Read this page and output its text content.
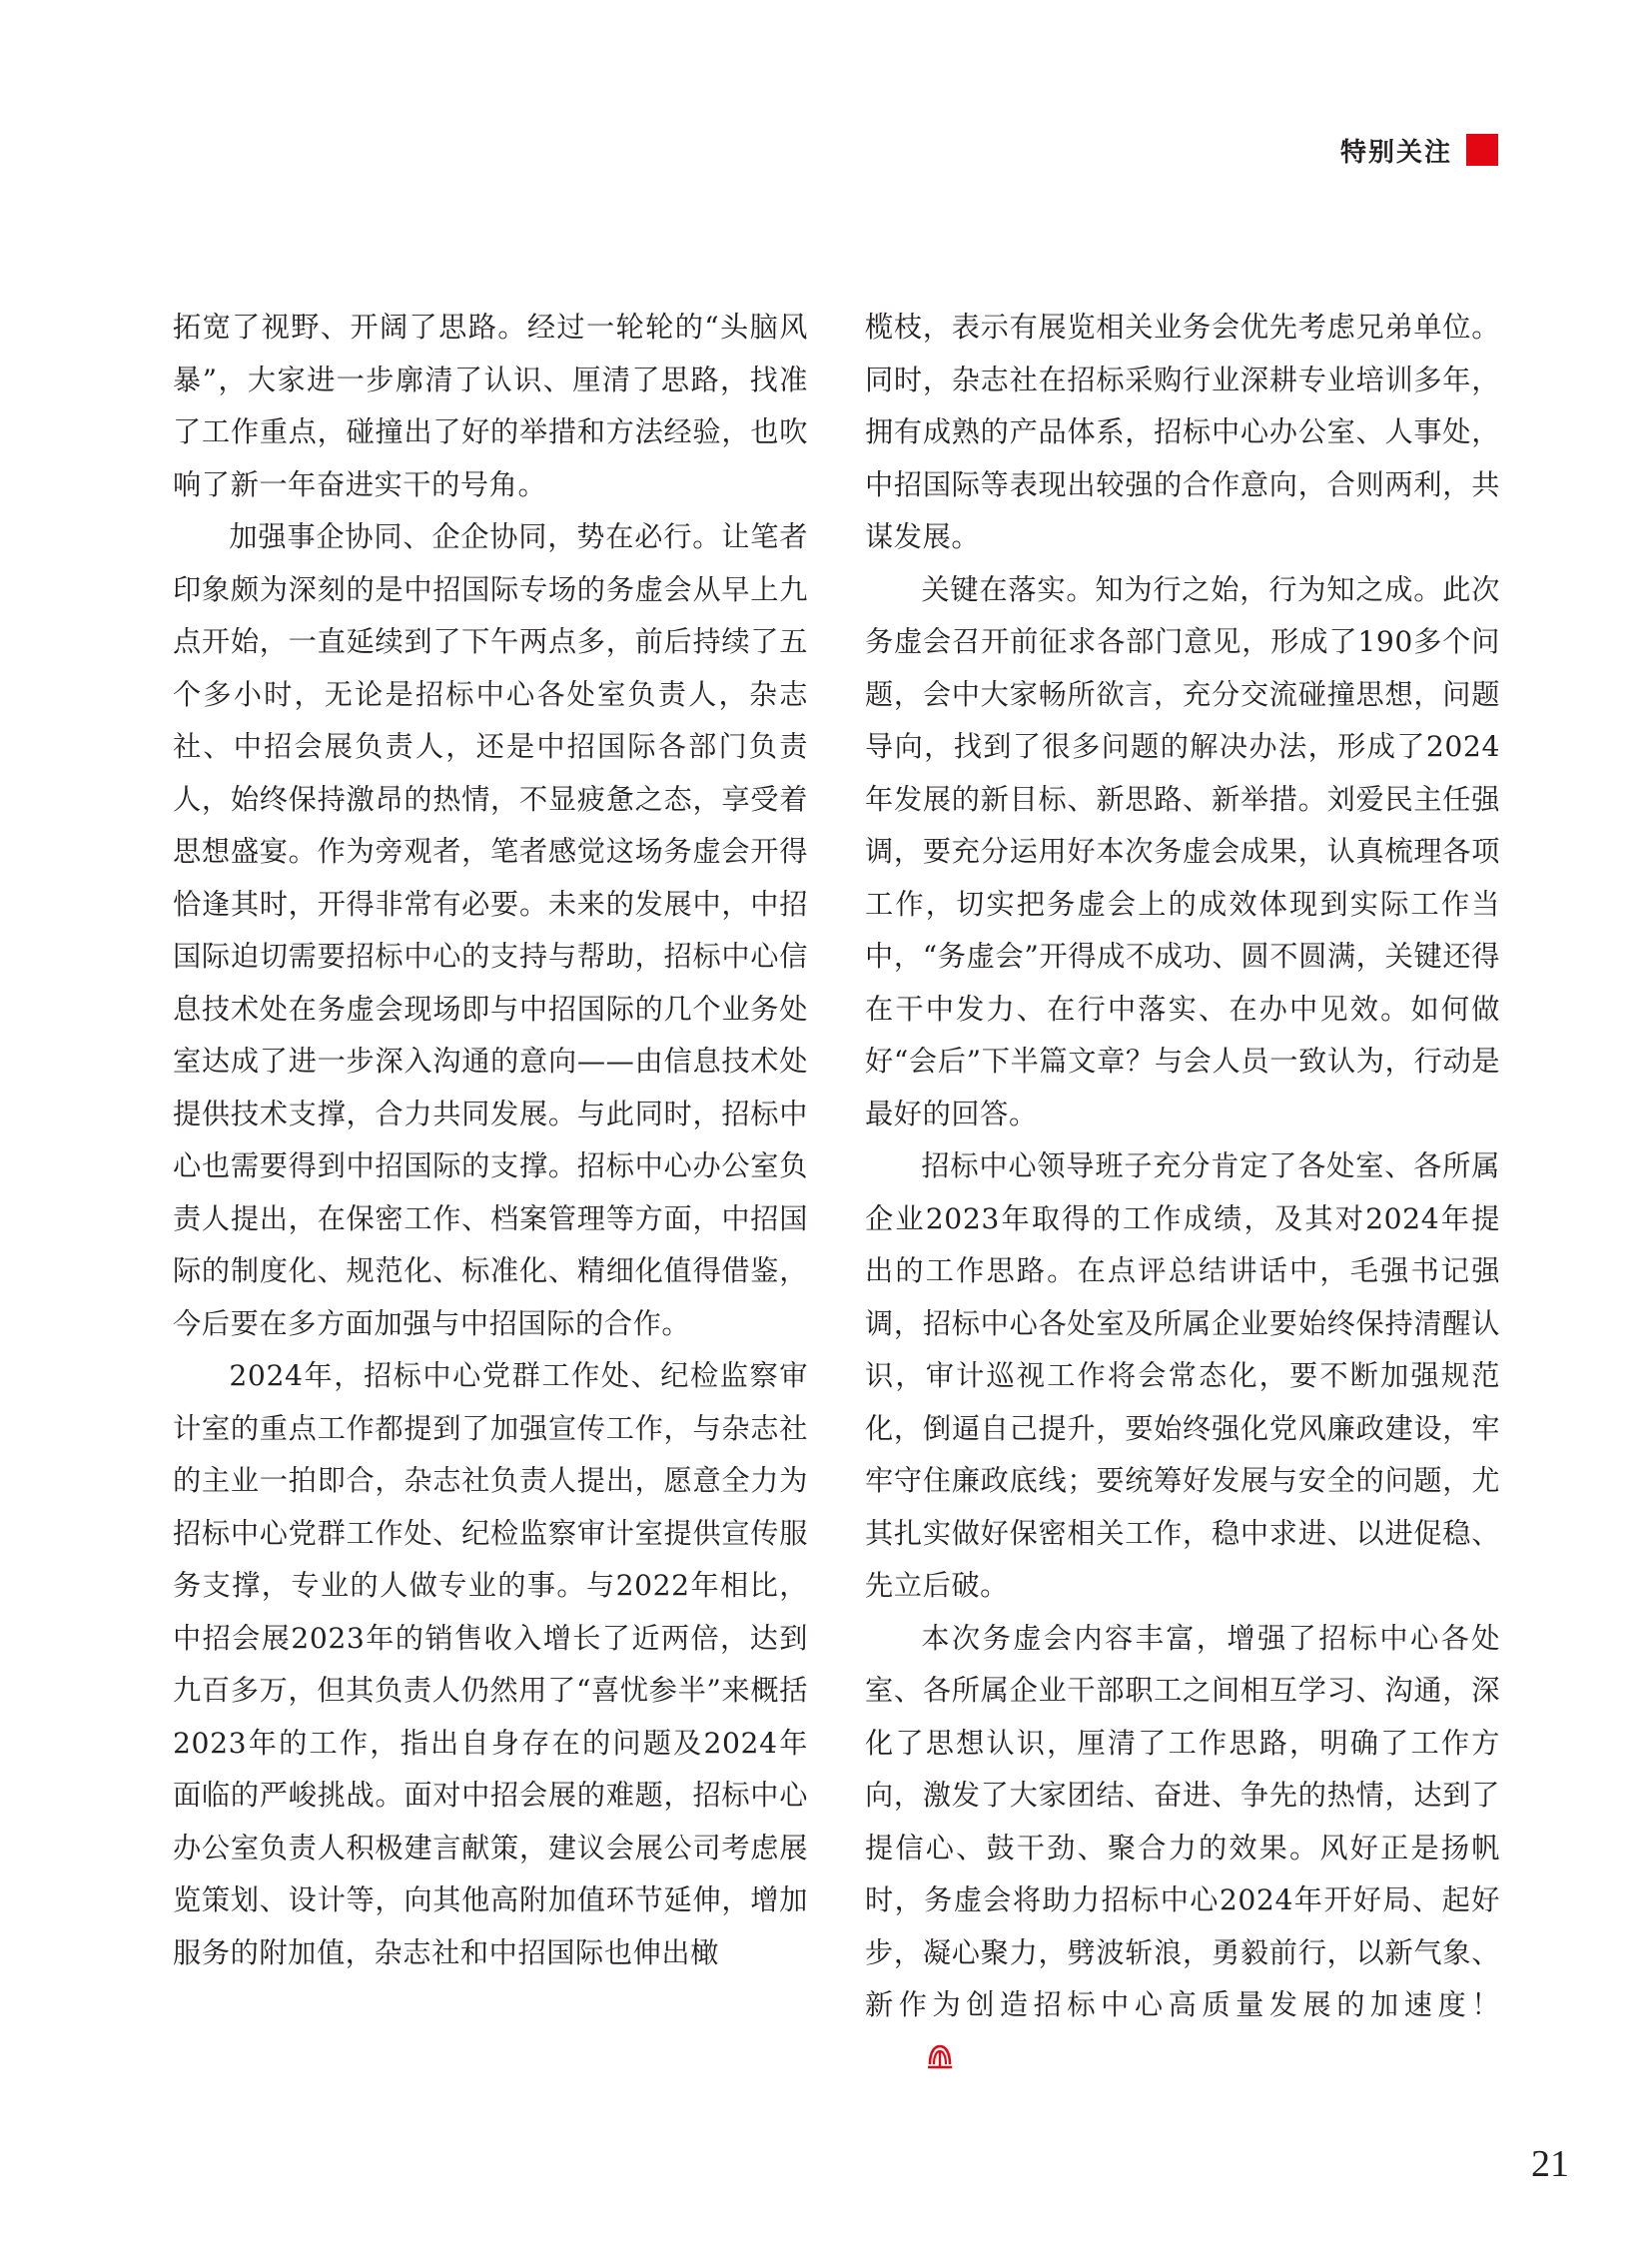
特别关注

拓宽了视野、开阔了思路。经过一轮轮的“头脑风暴”，大家进一步廓清了认识、厘清了思路，找准了工作重点，碰撞出了好的举措和方法经验，也吹响了新一年奋进实干的号角。

加强事企协同、企企协同，势在必行。让笔者印象颇为深刻的是中招国际专场的务虚会从早上九点开始，一直延续到了下午两点多，前后持续了五个多小时，无论是招标中心各处室负责人，杂志社、中招会展负责人，还是中招国际各部门负责人，始终保持激昂的热情，不显疲惫之态，享受着思想盛宴。作为旁观者，笔者感觉这场务虚会开得恰逢其时，开得非常有必要。未来的发展中，中招国际迫切需要招标中心的支持与帮助，招标中心信息技术处在务虚会现场即与中招国际的几个业务处室达成了进一步深入沟通的意向——由信息技术处提供技术支撑，合力共同发展。与此同时，招标中心也需要得到中招国际的支撑。招标中心办公室负责人提出，在保密工作、档案管理等方面，中招国际的制度化、规范化、标准化、精细化值得借鉴，今后要在多方面加强与中招国际的合作。

2024年，招标中心党群工作处、纪检监察审计室的重点工作都提到了加强宣传工作，与杂志社的主业一拍即合，杂志社负责人提出，愿意全力为招标中心党群工作处、纪检监察审计室提供宣传服务支撑，专业的人做专业的事。与2022年相比，中招会展2023年的销售收入增长了近两倍，达到九百多万，但其负责人仍然用了“喜忧参半”来概括2023年的工作，指出自身存在的问题及2024年面临的严峻挑战。面对中招会展的难题，招标中心办公室负责人积极建言献策，建议会展公司考虑展览策划、设计等，向其他高附加值环节延伸，增加服务的附加值，杂志社和中招国际也伸出橄

榄枝，表示有展览相关业务会优先考虑兄弟单位。同时，杂志社在招标采购行业深耕专业培训多年，拥有成熟的产品体系，招标中心办公室、人事处，中招国际等表现出较强的合作意向，合则两利，共谋发展。

关键在落实。知为行之始，行为知之成。此次务虚会召开前征求各部门意见，形成了190多个问题，会中大家畅所欲言，充分交流碰撞思想，问题导向，找到了很多问题的解决办法，形成了2024年发展的新目标、新思路、新举措。刘爱民主任强调，要充分运用好本次务虚会成果，认真梳理各项工作，切实把务虚会上的成效体现到实际工作当中，“务虚会”开得成不成功、圆不圆满，关键还得在干中发力、在行中落实、在办中见效。如何做好“会后”下半篇文章？与会人员一致认为，行动是最好的回答。

招标中心领导班子充分肯定了各处室、各所属企业2023年取得的工作成绩，及其对2024年提出的工作思路。在点评总结讲话中，毛强书记强调，招标中心各处室及所属企业要始终保持清醒认识，审计巡视工作将会常态化，要不断加强规范化，倒逼自己提升，要始终强化党风廉政建设，牢牢守住廉政底线；要统筹好发展与安全的问题，尤其扎实做好保密相关工作，稳中求进、以进促稳、先立后破。

本次务虚会内容丰富，增强了招标中心各处室、各所属企业干部职工之间相互学习、沟通，深化了思想认识，厘清了工作思路，明确了工作方向，激发了大家团结、奋进、争先的热情，达到了提信心、鼓干劲、聚合力的效果。风好正是扬帆时，务虚会将助力招标中心2024年开好局、起好步，凝心聚力，劈波斩浪，勇毅前行，以新气象、新作为创造招标中心高质量发展的加速度！

21
